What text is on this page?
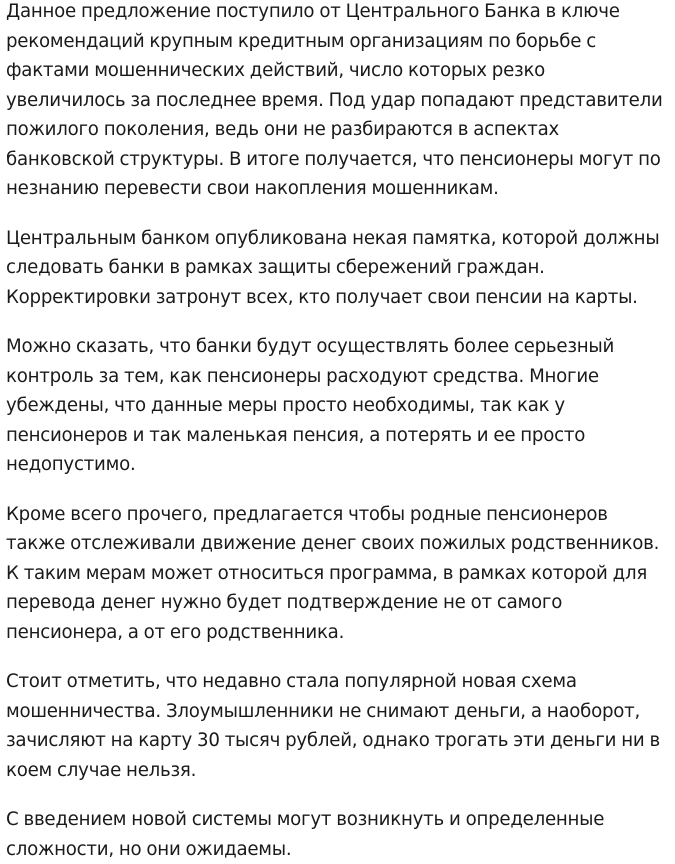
Данное предложение поступило от Центрального Банка в ключе рекомендаций крупным кредитным организациям по борьбе с фактами мошеннических действий, число которых резко увеличилось за последнее время. Под удар попадают представители пожилого поколения, ведь они не разбираются в аспектах банковской структуры. В итоге получается, что пенсионеры могут по незнанию перевести свои накопления мошенникам.

Центральным банком опубликована некая памятка, которой должны следовать банки в рамках защиты сбережений граждан. Корректировки затронут всех, кто получает свои пенсии на карты.

Можно сказать, что банки будут осуществлять более серьезный контроль за тем, как пенсионеры расходуют средства. Многие убеждены, что данные меры просто необходимы, так как у пенсионеров и так маленькая пенсия, а потерять и ее просто недопустимо.

Кроме всего прочего, предлагается чтобы родные пенсионеров также отслеживали движение денег своих пожилых родственников. К таким мерам может относиться программа, в рамках которой для перевода денег нужно будет подтверждение не от самого пенсионера, а от его родственника.

Стоит отметить, что недавно стала популярной новая схема мошенничества. Злоумышленники не снимают деньги, а наоборот, зачисляют на карту 30 тысяч рублей, однако трогать эти деньги ни в коем случае нельзя.

С введением новой системы могут возникнуть и определенные сложности, но они ожидаемы.
